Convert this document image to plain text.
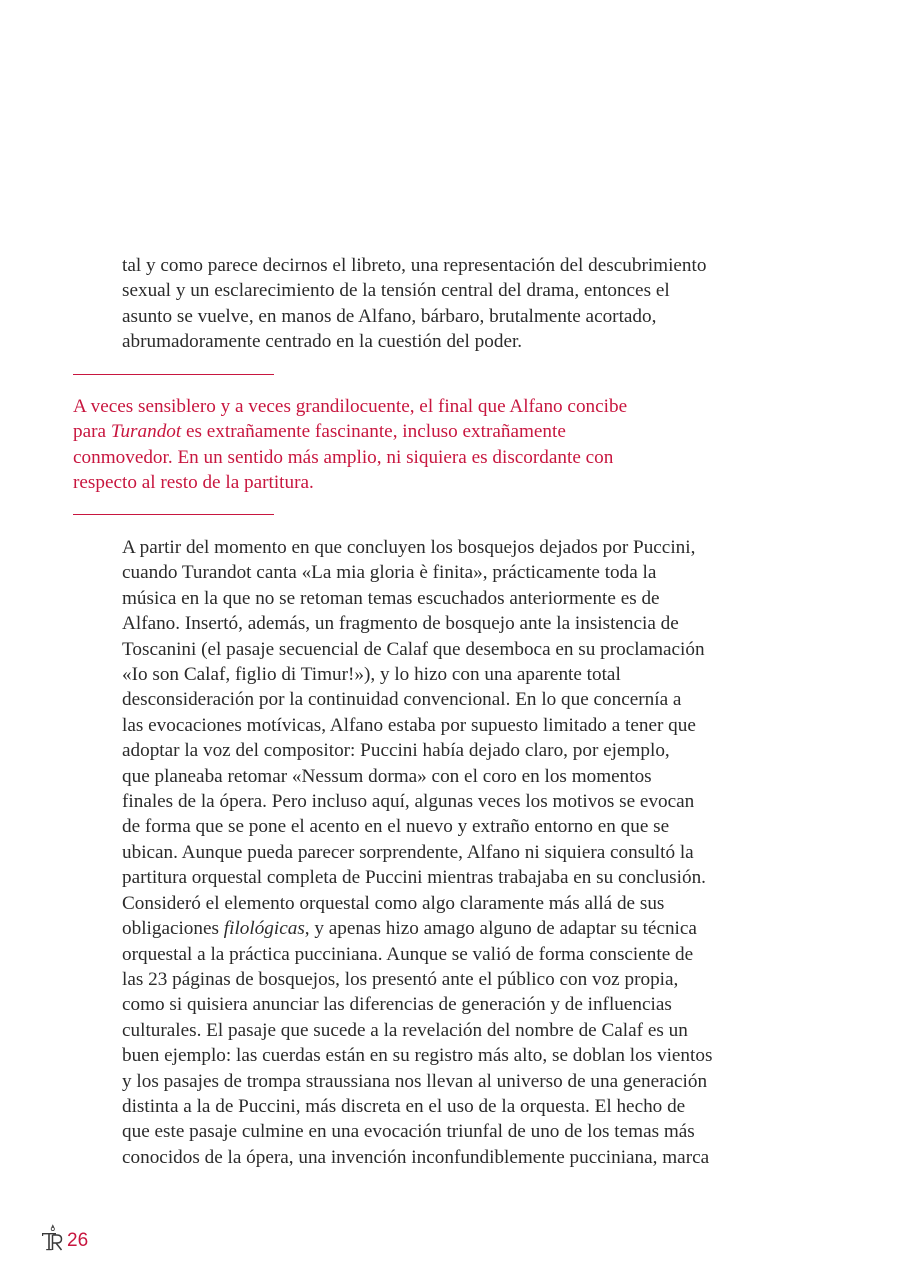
tal y como parece decirnos el libreto, una representación del descubrimiento
sexual y un esclarecimiento de la tensión central del drama, entonces el
asunto se vuelve, en manos de Alfano, bárbaro, brutalmente acortado,
abrumadoramente centrado en la cuestión del poder.

A veces sensiblero y a veces grandilocuente, el final que Alfano concibe
para Turandot es extrañamente fascinante, incluso extrañamente
conmovedor. En un sentido más amplio, ni siquiera es discordante con
respecto al resto de la partitura.

A partir del momento en que concluyen los bosquejos dejados por Puccini,
cuando Turandot canta «La mia gloria è finita», prácticamente toda la
música en la que no se retoman temas escuchados anteriormente es de
Alfano. Insertó, además, un fragmento de bosquejo ante la insistencia de
Toscanini (el pasaje secuencial de Calaf que desemboca en su proclamación
«Io son Calaf, figlio di Timur!»), y lo hizo con una aparente total
desconsideración por la continuidad convencional. En lo que concernía a
las evocaciones motívicas, Alfano estaba por supuesto limitado a tener que
adoptar la voz del compositor: Puccini había dejado claro, por ejemplo,
que planeaba retomar «Nessum dorma» con el coro en los momentos
finales de la ópera. Pero incluso aquí, algunas veces los motivos se evocan
de forma que se pone el acento en el nuevo y extraño entorno en que se
ubican. Aunque pueda parecer sorprendente, Alfano ni siquiera consultó la
partitura orquestal completa de Puccini mientras trabajaba en su conclusión.
Consideró el elemento orquestal como algo claramente más allá de sus
obligaciones filológicas, y apenas hizo amago alguno de adaptar su técnica
orquestal a la práctica pucciniana. Aunque se valió de forma consciente de
las 23 páginas de bosquejos, los presentó ante el público con voz propia,
como si quisiera anunciar las diferencias de generación y de influencias
culturales. El pasaje que sucede a la revelación del nombre de Calaf es un
buen ejemplo: las cuerdas están en su registro más alto, se doblan los vientos
y los pasajes de trompa straussiana nos llevan al universo de una generación
distinta a la de Puccini, más discreta en el uso de la orquesta. El hecho de
que este pasaje culmine en una evocación triunfal de uno de los temas más
conocidos de la ópera, una invención inconfundiblemente pucciniana, marca

26
